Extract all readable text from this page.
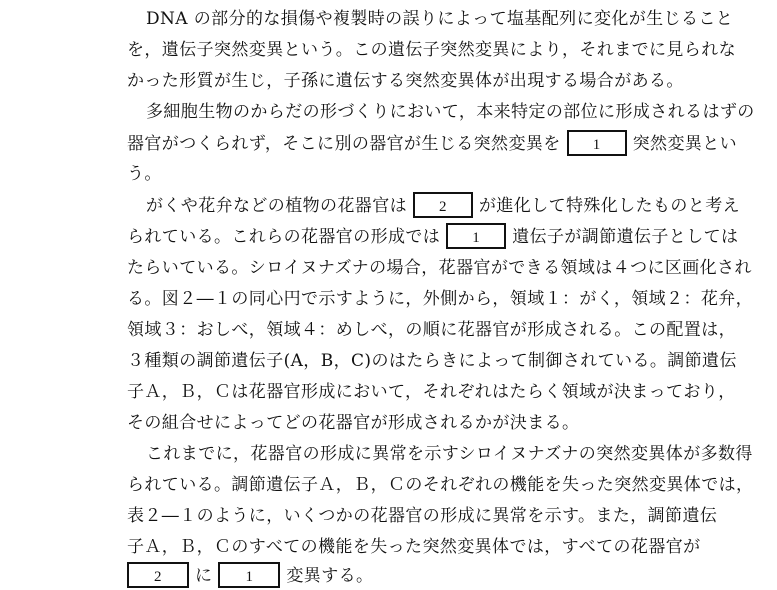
DNA の部分的な損傷や複製時の誤りによって塩基配列に変化が生じること
を，遺伝子突然変異という。この遺伝子突然変異により，それまでに見られな
かった形質が生じ，子孫に遺伝する突然変異体が出現する場合がある。
多細胞生物のからだの形づくりにおいて，本来特定の部位に形成されるはずの
器官がつくられず，そこに別の器官が生じる突然変異を 1 突然変異とい
う。
がくや花弁などの植物の花器官は 2 が進化して特殊化したものと考え
られている。これらの花器官の形成では 1 遺伝子が調節遺伝子としては
たらいている。シロイヌナズナの場合，花器官ができる領域は４つに区画化され
る。図２―１の同心円で示すように，外側から，領域１：がく，領域２：花弁，
領域３：おしべ，領域４：めしべ，の順に花器官が形成される。この配置は，
３種類の調節遺伝子(A，B，C)のはたらきによって制御されている。調節遺伝
子Ａ，Ｂ，Ｃは花器官形成において，それぞれはたらく領域が決まっており，
その組合せによってどの花器官が形成されるかが決まる。
これまでに，花器官の形成に異常を示すシロイヌナズナの突然変異体が多数得
られている。調節遺伝子Ａ，Ｂ，Ｃのそれぞれの機能を失った突然変異体では，
表２―１のように，いくつかの花器官の形成に異常を示す。また，調節遺伝
子Ａ，Ｂ，Ｃのすべての機能を失った突然変異体では，すべての花器官が
2 に 1 変異する。
